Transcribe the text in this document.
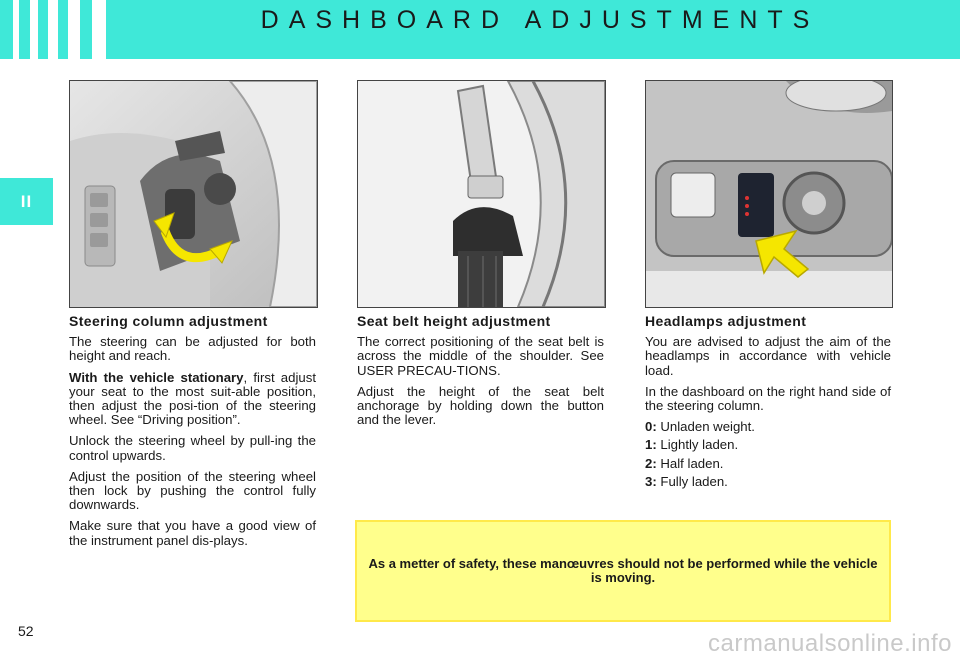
DASHBOARD ADJUSTMENTS
II
Steering column adjustment

The steering can be adjusted for both height and reach.

With the vehicle stationary, first adjust your seat to the most suit-able position, then adjust the posi-tion of the steering wheel. See “Driving position”.

Unlock the steering wheel by pull-ing the control upwards.

Adjust the position of the steering wheel then lock by pushing the control fully downwards.

Make sure that you have a good view of the instrument panel dis-plays.

Seat belt height adjustment

The correct positioning of the seat belt is across the middle of the shoulder. See USER PRECAU-TIONS.

Adjust the height of the seat belt anchorage by holding down the button and the lever.

Headlamps adjustment

You are advised to adjust the aim of the headlamps in accordance with vehicle load.

In the dashboard on the right hand side of the steering column.

0: Unladen weight.

1: Lightly laden.

2: Half laden.

3: Fully laden.

As a metter of safety, these manœuvres should not be performed while the vehicle is moving.
52	carmanualsonline.info
